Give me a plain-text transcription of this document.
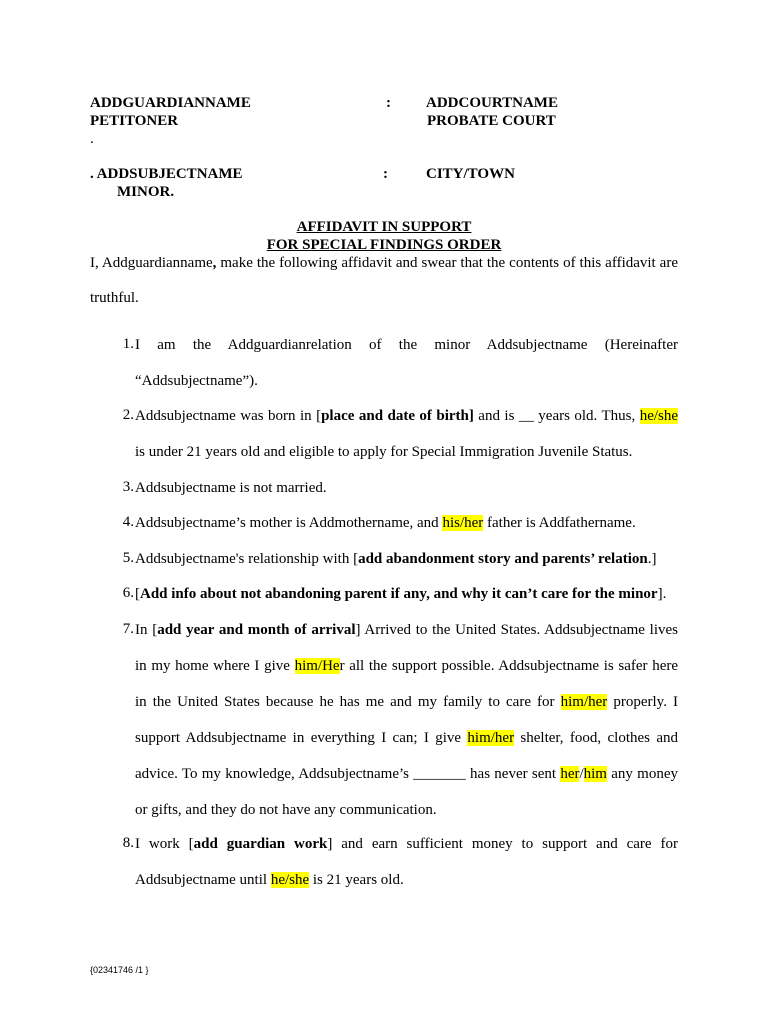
ADDGUARDIANNAME
PETITONER
.
: ADDCOURTNAME
PROBATE COURT
. ADDSUBJECTNAME
MINOR.
:	CITY/TOWN
AFFIDAVIT IN SUPPORT
FOR SPECIAL FINDINGS ORDER
I, Addguardianname, make the following affidavit and swear that the contents of this affidavit are truthful.
1. I am the Addguardianrelation of the minor Addsubjectname (Hereinafter “Addsubjectname”).
2. Addsubjectname was born in [place and date of birth] and is __ years old. Thus, he/she is under 21 years old and eligible to apply for Special Immigration Juvenile Status.
3. Addsubjectname is not married.
4. Addsubjectname’s mother is Addmothername, and his/her father is Addfathername.
5. Addsubjectname's relationship with [add abandonment story and parents’ relation.]
6. [Add info about not abandoning parent if any, and why it can’t care for the minor].
7. In [add year and month of arrival] Arrived to the United States. Addsubjectname lives in my home where I give him/Her all the support possible. Addsubjectname is safer here in the United States because he has me and my family to care for him/her properly. I support Addsubjectname in everything I can; I give him/her shelter, food, clothes and advice. To my knowledge, Addsubjectname’s _______ has never sent her/him any money or gifts, and they do not have any communication.
8. I work [add guardian work] and earn sufficient money to support and care for Addsubjectname until he/she is 21 years old.
{02341746 /1 }
